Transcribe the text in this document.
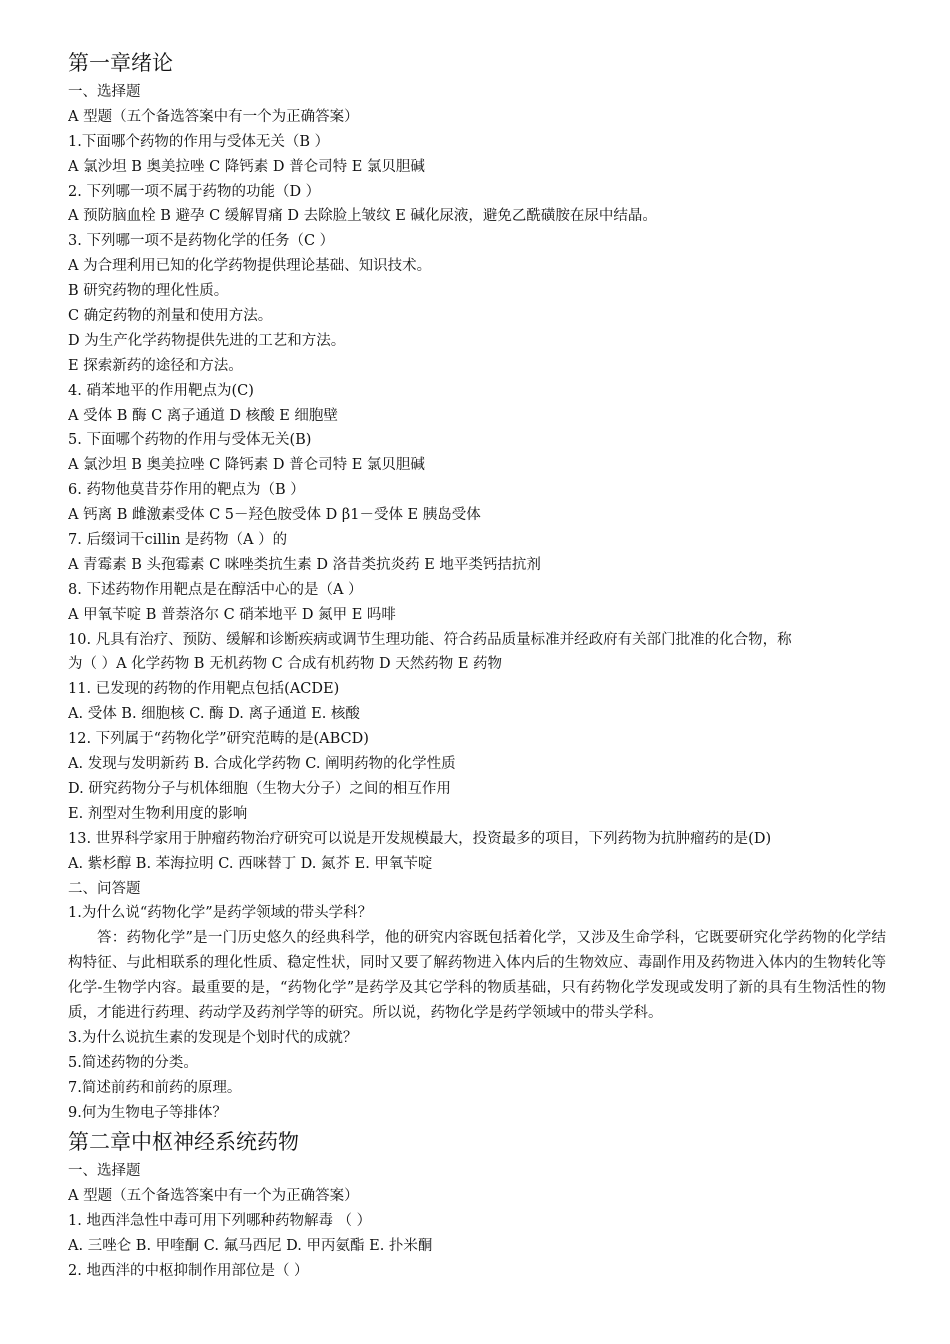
第一章绪论
一、选择题
A 型题（五个备选答案中有一个为正确答案）
1.下面哪个药物的作用与受体无关（B ）
A 氯沙坦 B 奥美拉唑 C 降钙素 D 普仑司特 E 氯贝胆碱
2. 下列哪一项不属于药物的功能（D ）
A 预防脑血栓 B 避孕 C 缓解胃痛 D 去除脸上皱纹 E 碱化尿液，避免乙酰磺胺在尿中结晶。
3. 下列哪一项不是药物化学的任务（C ）
A 为合理利用已知的化学药物提供理论基础、知识技术。
B 研究药物的理化性质。
C 确定药物的剂量和使用方法。
D 为生产化学药物提供先进的工艺和方法。
E 探索新药的途径和方法。
4. 硝苯地平的作用靶点为(C)
A 受体 B 酶 C 离子通道 D 核酸 E 细胞壁
5. 下面哪个药物的作用与受体无关(B)
A 氯沙坦 B 奥美拉唑 C 降钙素 D 普仑司特 E 氯贝胆碱
6. 药物他莫昔芬作用的靶点为（B ）
A 钙离 B 雌激素受体 C 5－羟色胺受体 D β1－受体 E 胰岛受体
7. 后缀词干cillin 是药物（A ）的
A 青霉素 B 头孢霉素 C 咪唑类抗生素 D 洛昔类抗炎药 E 地平类钙拮抗剂
8. 下述药物作用靶点是在醇活中心的是（A ）
A 甲氧苄啶 B 普萘洛尔 C 硝苯地平 D 氮甲 E 吗啡
10. 凡具有治疗、预防、缓解和诊断疾病或调节生理功能、符合药品质量标准并经政府有关部门批准的化合物，称
为（ ）A 化学药物 B 无机药物 C 合成有机药物 D 天然药物 E 药物
11. 已发现的药物的作用靶点包括(ACDE)
A. 受体 B. 细胞核 C. 酶 D. 离子通道 E. 核酸
12. 下列属于“药物化学”研究范畴的是(ABCD)
A. 发现与发明新药 B. 合成化学药物 C. 阐明药物的化学性质
D. 研究药物分子与机体细胞（生物大分子）之间的相互作用
E. 剂型对生物利用度的影响
13. 世界科学家用于肿瘤药物治疗研究可以说是开发规模最大，投资最多的项目，下列药物为抗肿瘤药的是(D)
A. 紫杉醇 B. 苯海拉明 C. 西咪替丁 D. 氮芥 E. 甲氧苄啶
二、问答题
1.为什么说“药物化学”是药学领域的带头学科？
答：药物化学”是一门历史悠久的经典科学，他的研究内容既包括着化学，又涉及生命学科，它既要研究化学药物的化学结构特征、与此相联系的理化性质、稳定性状，同时又要了解药物进入体内后的生物效应、毒副作用及药物进入体内的生物转化等化学-生物学内容。最重要的是，“药物化学”是药学及其它学科的物质基础，只有药物化学发现或发明了新的具有生物活性的物质，才能进行药理、药动学及药剂学等的研究。所以说，药物化学是药学领域中的带头学科。
3.为什么说抗生素的发现是个划时代的成就？
5.简述药物的分类。
7.简述前药和前药的原理。
9.何为生物电子等排体？
第二章中枢神经系统药物
一、选择题
A 型题（五个备选答案中有一个为正确答案）
1. 地西泮急性中毒可用下列哪种药物解毒 （ ）
A. 三唑仑 B. 甲喹酮 C. 氟马西尼 D. 甲丙氨酯 E. 扑米酮
2. 地西泮的中枢抑制作用部位是（ ）
